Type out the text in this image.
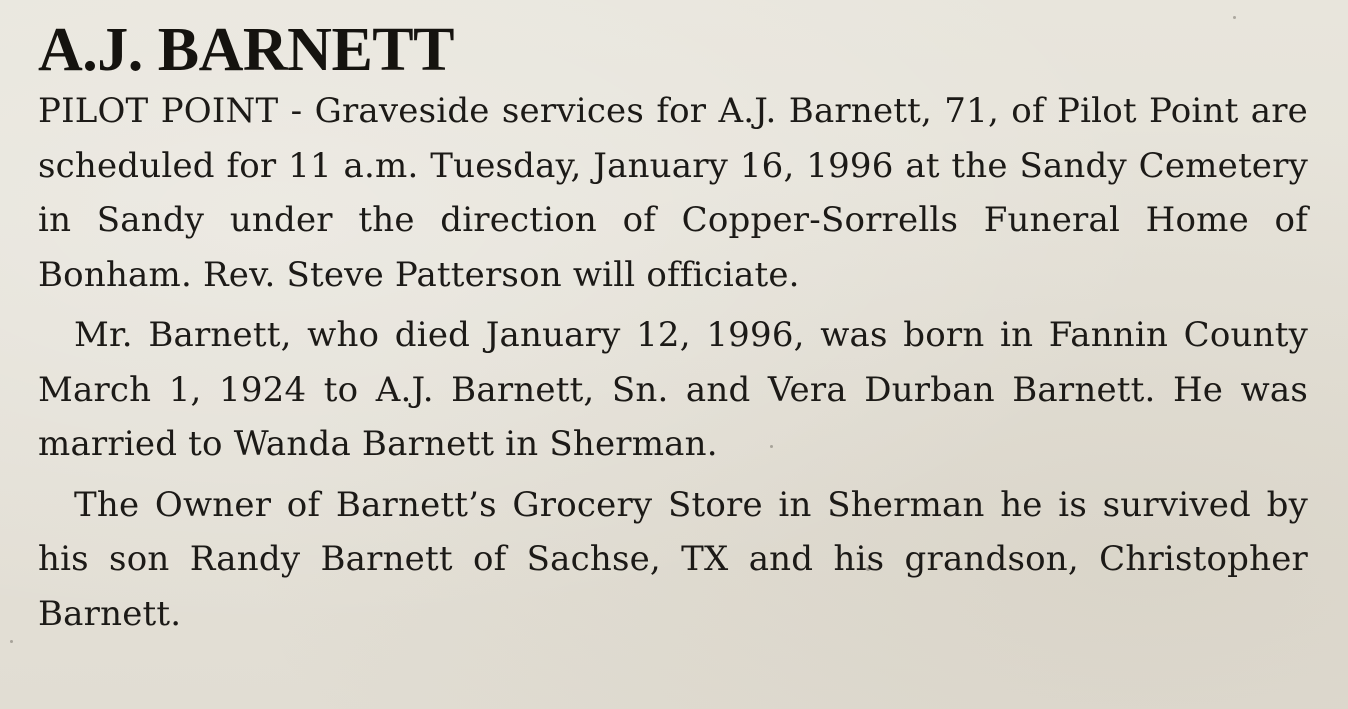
A.J. BARNETT

PILOT POINT - Graveside services for A.J. Barnett, 71, of Pilot Point are scheduled for 11 a.m. Tuesday, January 16, 1996 at the Sandy Cemetery in Sandy under the direction of Copper-Sorrells Funeral Home of Bonham. Rev. Steve Patterson will officiate.

Mr. Barnett, who died January 12, 1996, was born in Fannin County March 1, 1924 to A.J. Barnett, Sn. and Vera Durban Barnett. He was married to Wanda Barnett in Sherman.

The Owner of Barnett’s Grocery Store in Sherman he is survived by his son Randy Barnett of Sachse, TX and his grandson, Christopher Barnett.
